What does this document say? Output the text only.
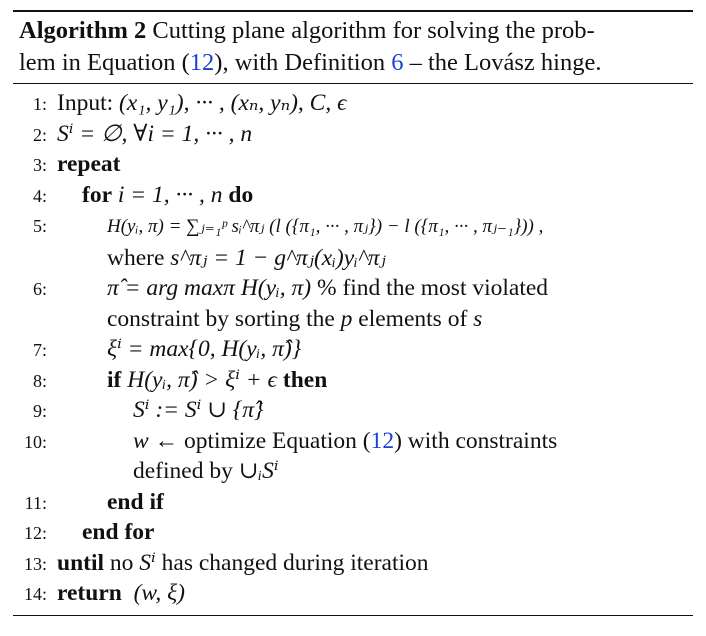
Algorithm 2 Cutting plane algorithm for solving the prob-
lem in Equation (12), with Definition 6 – the Lovász hinge.
1: Input: (x₁, y₁), ··· , (xₙ, yₙ), C, ϵ
2: Sⁱ = ∅, ∀i = 1, ··· , n
3: repeat
4: for i = 1, ··· , n do
5:	H(yᵢ, π) = ∑ⱼ₌₁ᵖ sᵢ^πⱼ (l ({π₁, ··· , πⱼ}) − l ({π₁, ··· , πⱼ₋₁})) ,
where s^πⱼ = 1 − g^πⱼ(xᵢ)yᵢ^πⱼ
6:	π̂ = arg maxπ H(yᵢ, π) % find the most violated
constraint by sorting the p elements of s
7:	ξⁱ = max{0, H(yᵢ, π̂)}
8:	if H(yᵢ, π̂) > ξⁱ + ϵ then
9:	Sⁱ := Sⁱ ∪ {π̂}
10:	w ← optimize Equation (12) with constraints
defined by ∪ᵢSⁱ
11:	end if
12: end for
13: until no Sⁱ has changed during iteration
14: return (w, ξ)
